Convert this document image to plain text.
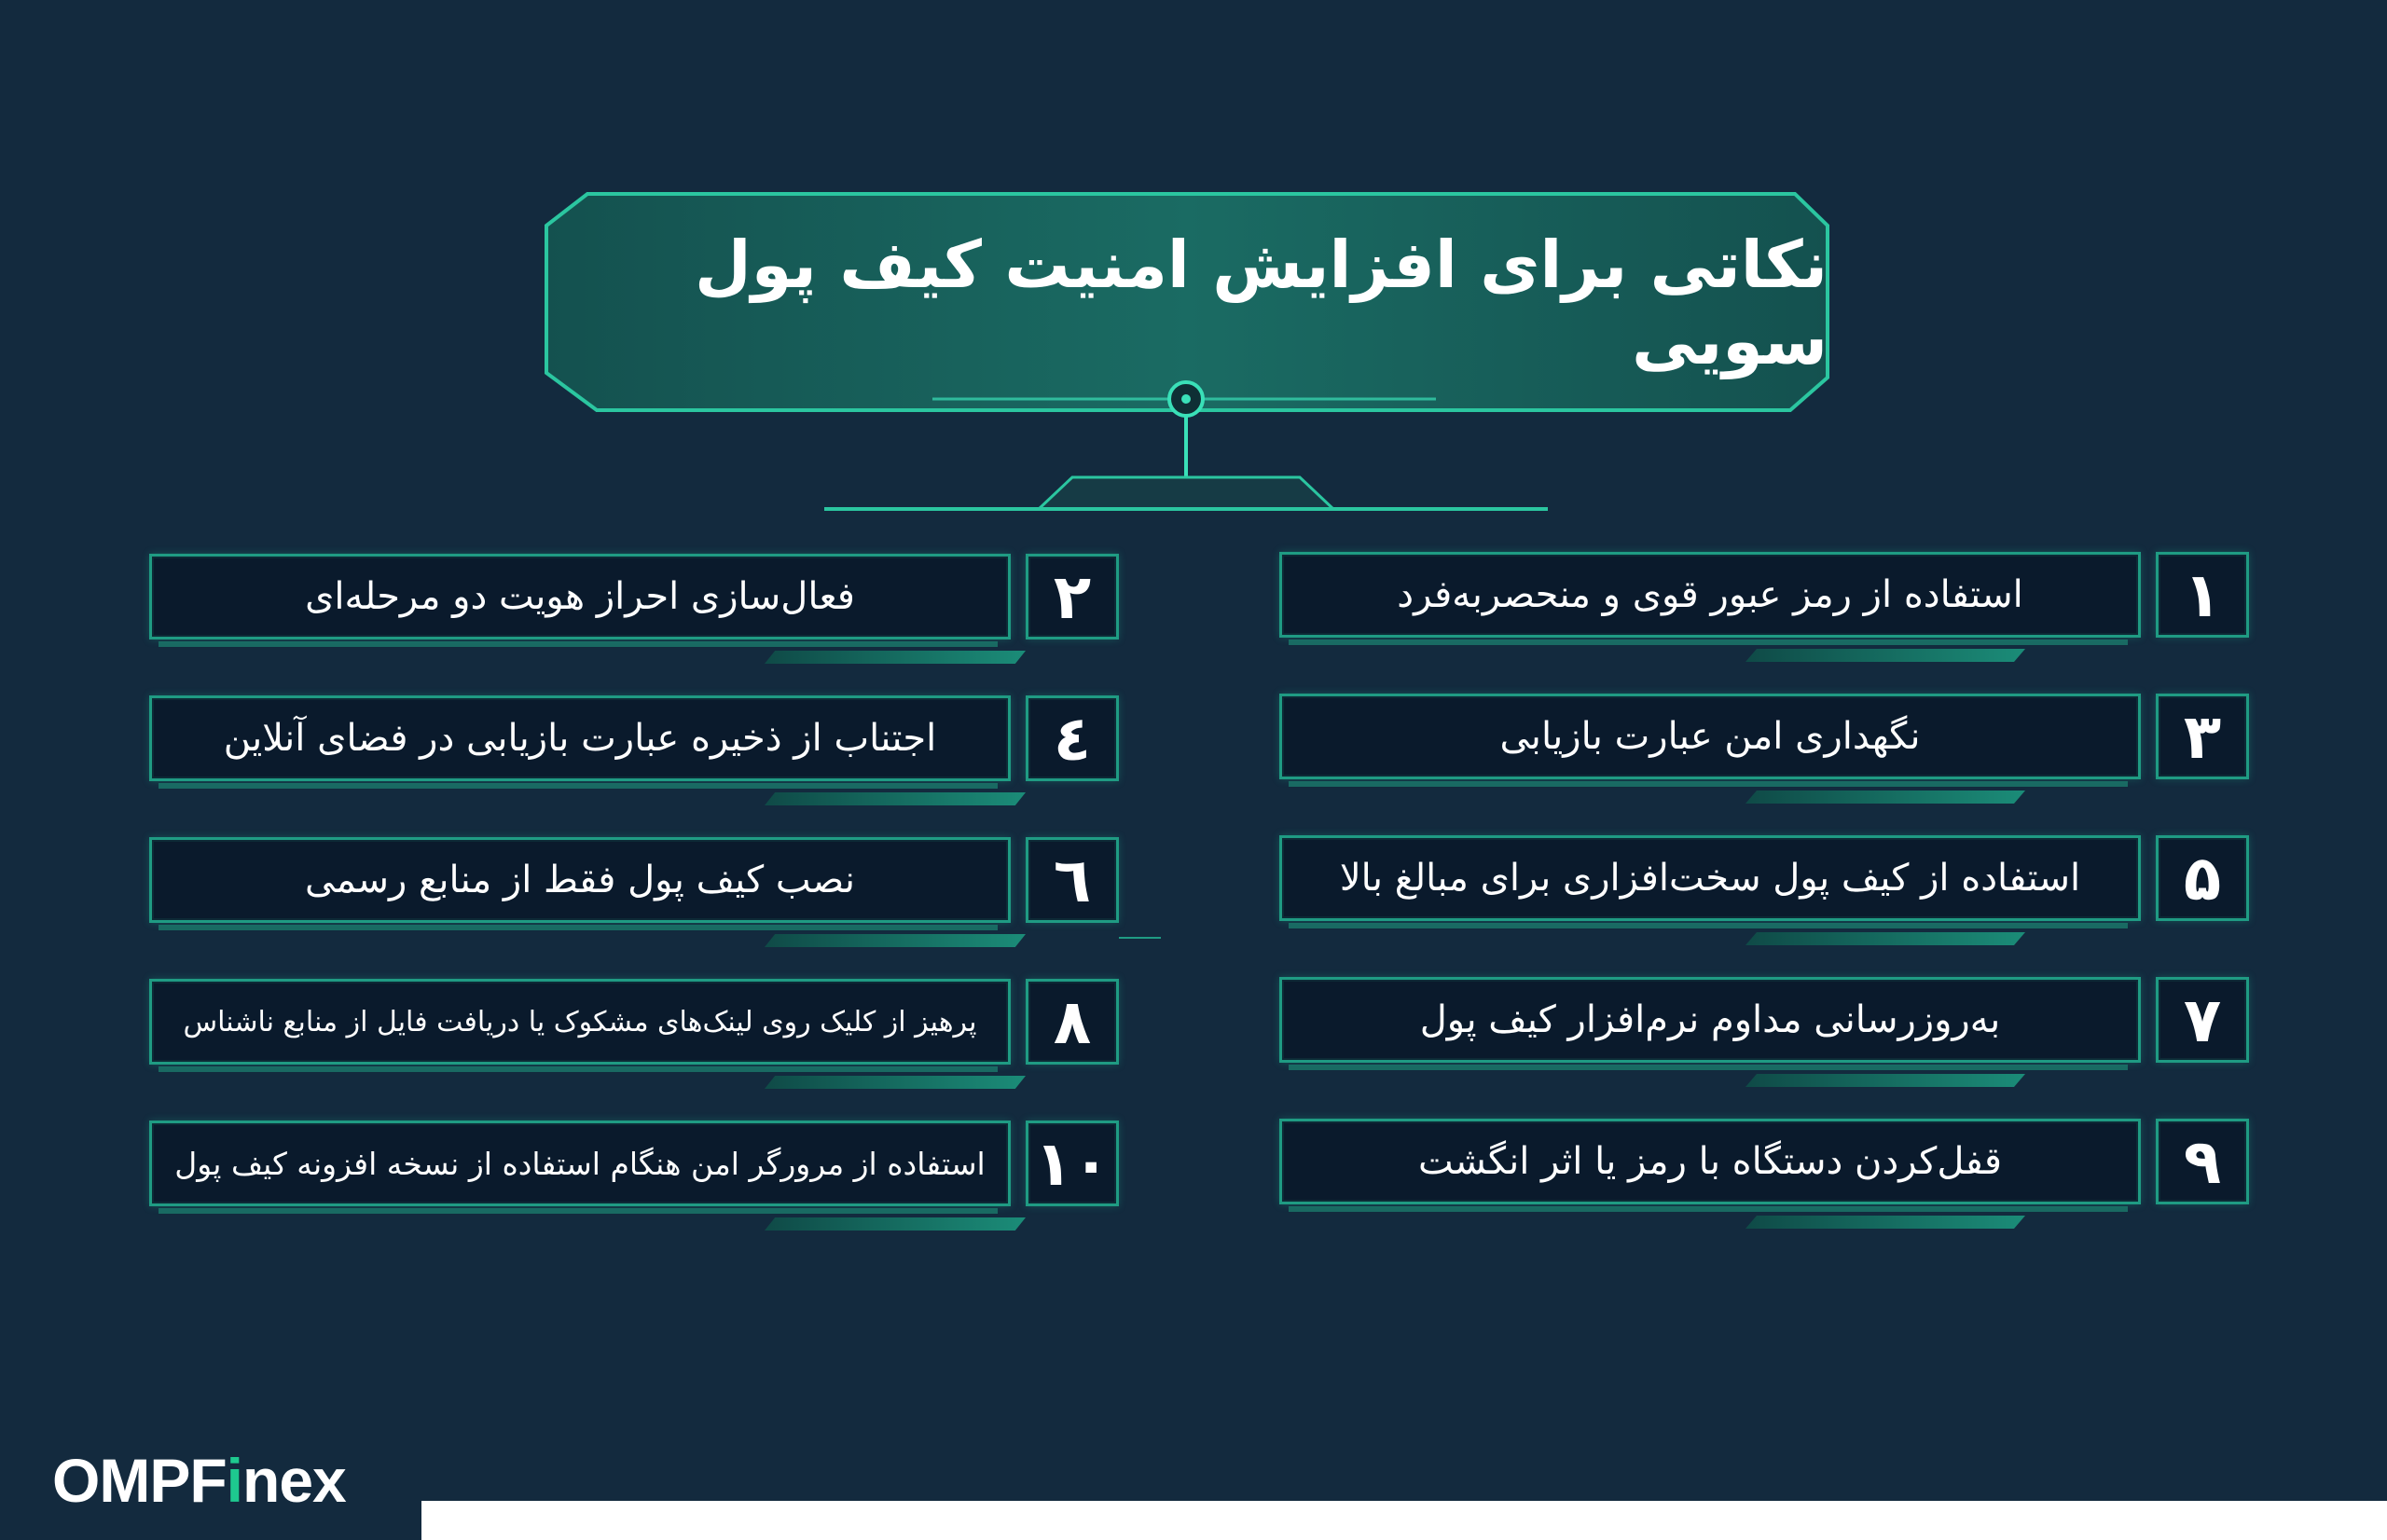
نکاتی برای افزایش امنیت کیف پول سویی
۱
استفاده از رمز عبور قوی و منحصربه‌فرد
۳
نگهداری امن عبارت بازیابی
۵
استفاده از کیف پول سخت‌افزاری برای مبالغ بالا
۷
به‌روزرسانی مداوم نرم‌افزار کیف پول
۹
قفل‌کردن دستگاه با رمز یا اثر انگشت
۲
فعال‌سازی احراز هویت دو مرحله‌ای
٤
اجتناب از ذخیره عبارت بازیابی در فضای آنلاین
٦
نصب کیف پول فقط از منابع رسمی
۸
پرهیز از کلیک روی لینک‌های مشکوک یا دریافت فایل از منابع ناشناس
۱۰
استفاده از مرورگر امن هنگام استفاده از نسخه افزونه کیف پول
OMPFinex
